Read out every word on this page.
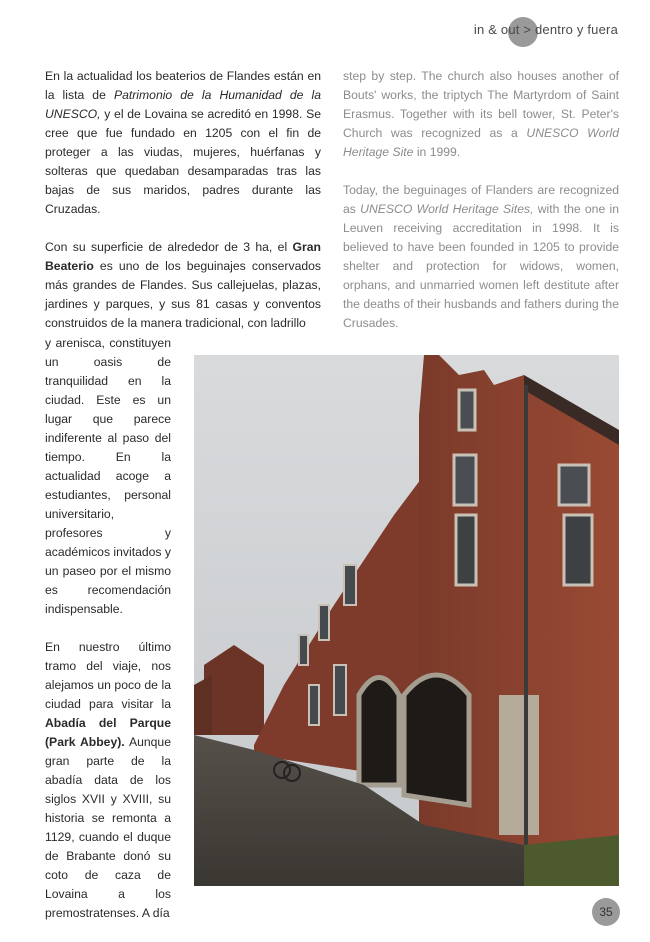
in & out > dentro y fuera

En la actualidad los beaterios de Flandes están en la lista de Patrimonio de la Humanidad de la UNESCO, y el de Lovaina se acreditó en 1998. Se cree que fue fundado en 1205 con el fin de proteger a las viudas, mujeres, huérfanas y solteras que quedaban desamparadas tras las bajas de sus maridos, padres durante las Cruzadas.

Con su superficie de alrededor de 3 ha, el Gran Beaterio es uno de los beguinajes conservados más grandes de Flandes. Sus callejuelas, plazas, jardines y parques, y sus 81 casas y conventos construidos de la manera tradicional, con ladrillo

y arenisca, constituyen un oasis de tranquilidad en la ciudad. Este es un lugar que parece indiferente al paso del tiempo. En la actualidad acoge a estudiantes, personal universitario, profesores y académicos invitados y un paseo por el mismo es recomendación indispensable.

En nuestro último tramo del viaje, nos alejamos un poco de la ciudad para visitar la Abadía del Parque (Park Abbey). Aunque gran parte de la abadía data de los siglos XVII y XVIII, su historia se remonta a 1129, cuando el duque de Brabante donó su coto de caza de Lovaina a los premostratenses. A día

step by step. The church also houses another of Bouts' works, the triptych The Martyrdom of Saint Erasmus. Together with its bell tower, St. Peter's Church was recognized as a UNESCO World Heritage Site in 1999.

Today, the beguinages of Flanders are recognized as UNESCO World Heritage Sites, with the one in Leuven receiving accreditation in 1998. It is believed to have been founded in 1205 to provide shelter and protection for widows, women, orphans, and unmarried women left destitute after the deaths of their husbands and fathers during the Crusades.

35
